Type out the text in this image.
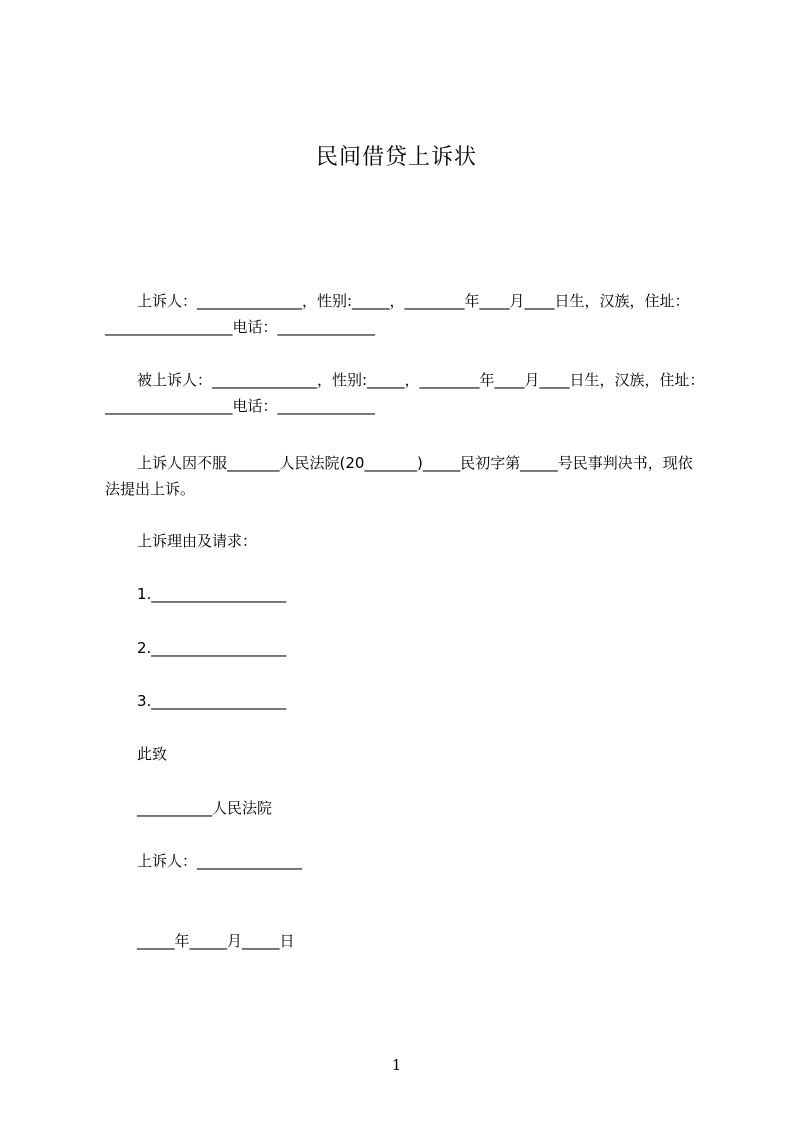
民间借贷上诉状

上诉人：______________，性别:_____，________年____月____日生，汉族，住址：_________________电话：_____________

被上诉人：______________，性别:_____，________年____月____日生，汉族，住址：_________________电话：_____________

上诉人因不服_______人民法院(20_______)_____民初字第_____号民事判决书，现依法提出上诉。

上诉理由及请求：

1.__________________

2.__________________

3.__________________

此致

__________人民法院

上诉人：______________

_____年_____月_____日

1
